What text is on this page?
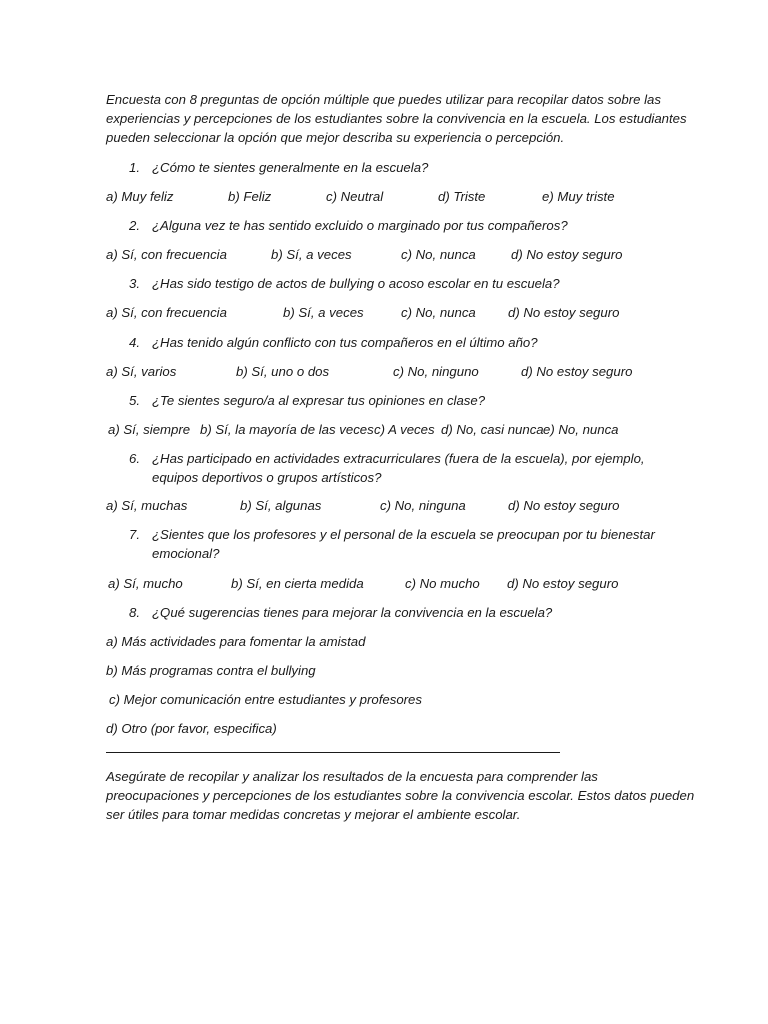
Encuesta con 8 preguntas de opción múltiple que puedes utilizar para recopilar datos sobre las
experiencias y percepciones de los estudiantes sobre la convivencia en la escuela. Los estudiantes
pueden seleccionar la opción que mejor describa su experiencia o percepción.
1. ¿Cómo te sientes generalmente en la escuela?
a) Muy feliz	b) Feliz	c) Neutral	d) Triste	e) Muy triste
2. ¿Alguna vez te has sentido excluido o marginado por tus compañeros?
a) Sí, con frecuencia	b) Sí, a veces	c) No, nunca	d) No estoy seguro
3. ¿Has sido testigo de actos de bullying o acoso escolar en tu escuela?
a) Sí, con frecuencia	b) Sí, a veces	c) No, nunca d) No estoy seguro
4. ¿Has tenido algún conflicto con tus compañeros en el último año?
a) Sí, varios	b) Sí, uno o dos	c) No, ninguno	d) No estoy seguro
5. ¿Te sientes seguro/a al expresar tus opiniones en clase?
a) Sí, siempre b) Sí, la mayoría de las veces c) A veces d) No, casi nunca e) No, nunca
6. ¿Has participado en actividades extracurriculares (fuera de la escuela), por ejemplo,
equipos deportivos o grupos artísticos?
a) Sí, muchas	b) Sí, algunas	c) No, ninguna	d) No estoy seguro
7. ¿Sientes que los profesores y el personal de la escuela se preocupan por tu bienestar
emocional?
a) Sí, mucho	b) Sí, en cierta medida	c) No mucho d) No estoy seguro
8. ¿Qué sugerencias tienes para mejorar la convivencia en la escuela?
a) Más actividades para fomentar la amistad
b) Más programas contra el bullying
c) Mejor comunicación entre estudiantes y profesores
d) Otro (por favor, especifica)
Asegúrate de recopilar y analizar los resultados de la encuesta para comprender las
preocupaciones y percepciones de los estudiantes sobre la convivencia escolar. Estos datos pueden
ser útiles para tomar medidas concretas y mejorar el ambiente escolar.
